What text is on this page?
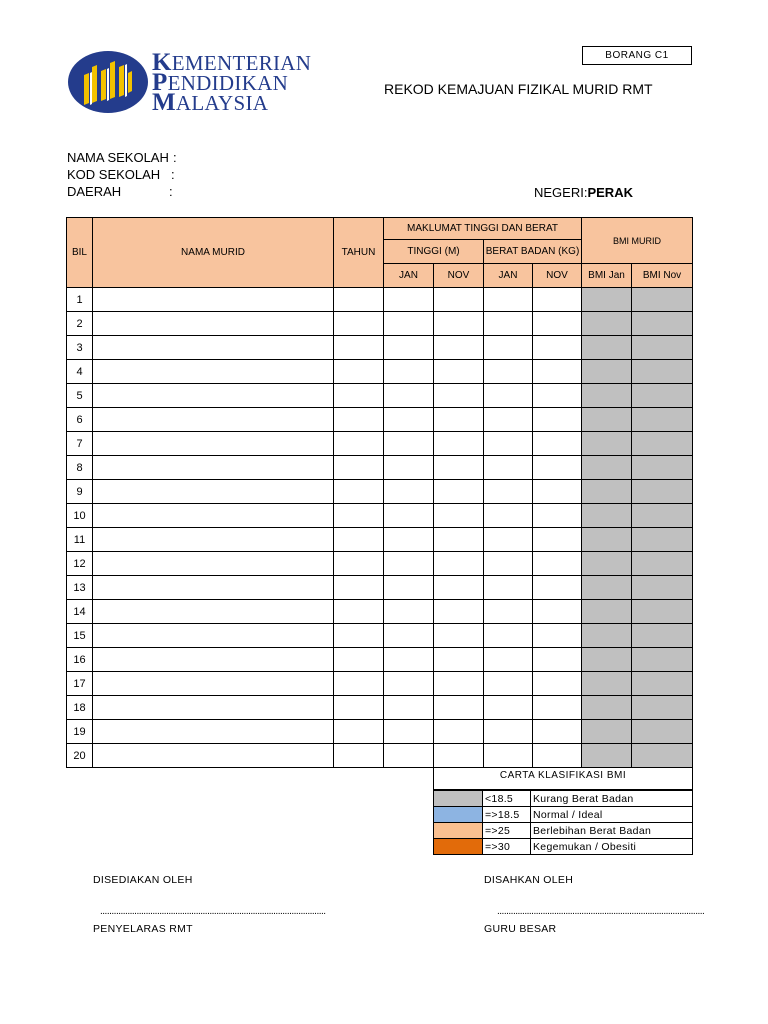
KEMENTERIAN
PENDIDIKAN
MALAYSIA
BORANG C1
REKOD KEMAJUAN FIZIKAL MURID RMT
NAMA SEKOLAH :
KOD SEKOLAH :
DAERAH	:	NEGERI:PERAK
BIL	NAMA MURID	TAHUN	MAKLUMAT TINGGI DAN BERAT				BMI MURID	
			TINGGI (M)		BERAT BADAN (KG)			
			JAN	NOV	JAN	NOV	BMI Jan	BMI Nov
1								
2								
3								
4								
5								
6								
7								
8								
9								
10								
11								
12								
13								
14								
15								
16								
17								
18								
19								
20								
CARTA KLASIFIKASI BMI
	<18.5	Kurang Berat Badan
	=>18.5	Normal / Ideal
	=>25	Berlebihan Berat Badan
	=>30	Kegemukan / Obesiti
DISEDIAKAN OLEH	DISAHKAN OLEH
...................................................................................................	...........................................................................................
PENYELARAS RMT	GURU BESAR
